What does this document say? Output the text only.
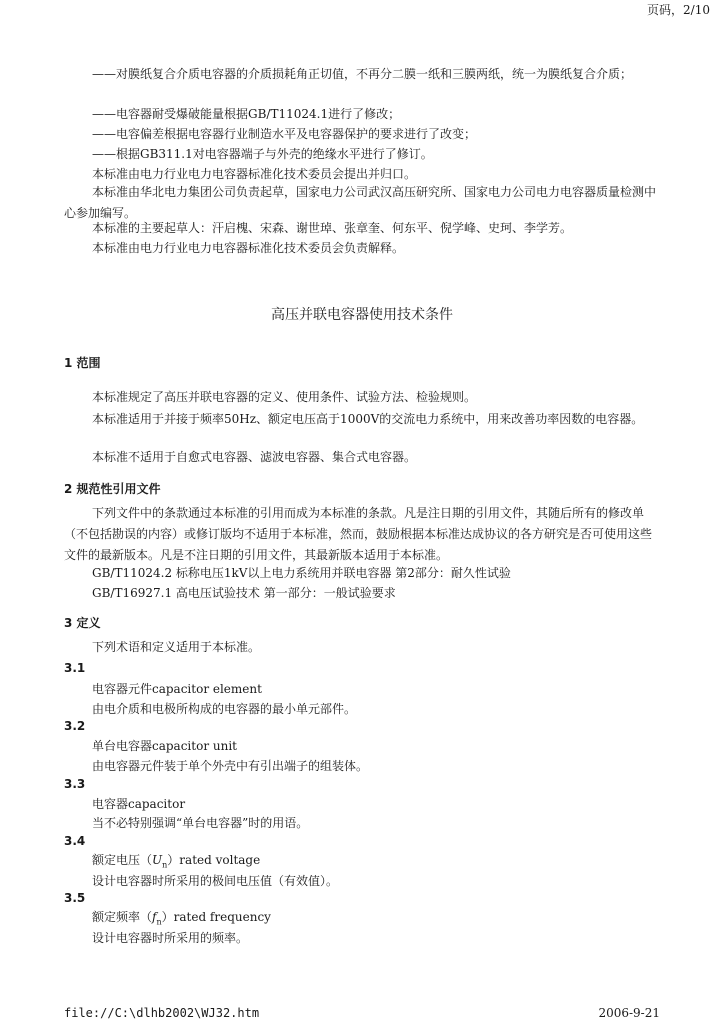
页码，2/10
——对膜纸复合介质电容器的介质损耗角正切值，不再分二膜一纸和三膜两纸，统一为膜纸复合介质；
——电容器耐受爆破能量根据GB/T11024.1进行了修改；
——电容偏差根据电容器行业制造水平及电容器保护的要求进行了改变；
——根据GB311.1对电容器端子与外壳的绝缘水平进行了修订。
本标准由电力行业电力电容器标准化技术委员会提出并归口。
本标准由华北电力集团公司负责起草，国家电力公司武汉高压研究所、国家电力公司电力电容器质量检测中心参加编写。
本标准的主要起草人：汗启槐、宋森、谢世琸、张章奎、何东平、倪学峰、史珂、李学芳。
本标准由电力行业电力电容器标准化技术委员会负责解释。
高压并联电容器使用技术条件
1 范围
本标准规定了高压并联电容器的定义、使用条件、试验方法、检验规则。
本标准适用于并接于频率50Hz、额定电压高于1000V的交流电力系统中，用来改善功率因数的电容器。
本标准不适用于自愈式电容器、滤波电容器、集合式电容器。
2 规范性引用文件
下列文件中的条款通过本标准的引用而成为本标准的条款。凡是注日期的引用文件，其随后所有的修改单（不包括勘误的内容）或修订版均不适用于本标准，然而，鼓励根据本标准达成协议的各方研究是否可使用这些文件的最新版本。凡是不注日期的引用文件，其最新版本适用于本标准。
GB/T11024.2 标称电压1kV以上电力系统用并联电容器 第2部分：耐久性试验
GB/T16927.1 高电压试验技术 第一部分：一般试验要求
3 定义
下列术语和定义适用于本标准。
3.1
电容器元件capacitor element
由电介质和电极所构成的电容器的最小单元部件。
3.2
单台电容器capacitor unit
由电容器元件装于单个外壳中有引出端子的组装体。
3.3
电容器capacitor
当不必特别强调“单台电容器”时的用语。
3.4
额定电压$(U_n)rated$ voltage
设计电容器时所采用的极间电压值（有效值）。
3.5
额定频率$(f_n)rated$ frequency
设计电容器时所采用的频率。
file://C:\dlhb2002\WJ32.htm	2006-9-21
